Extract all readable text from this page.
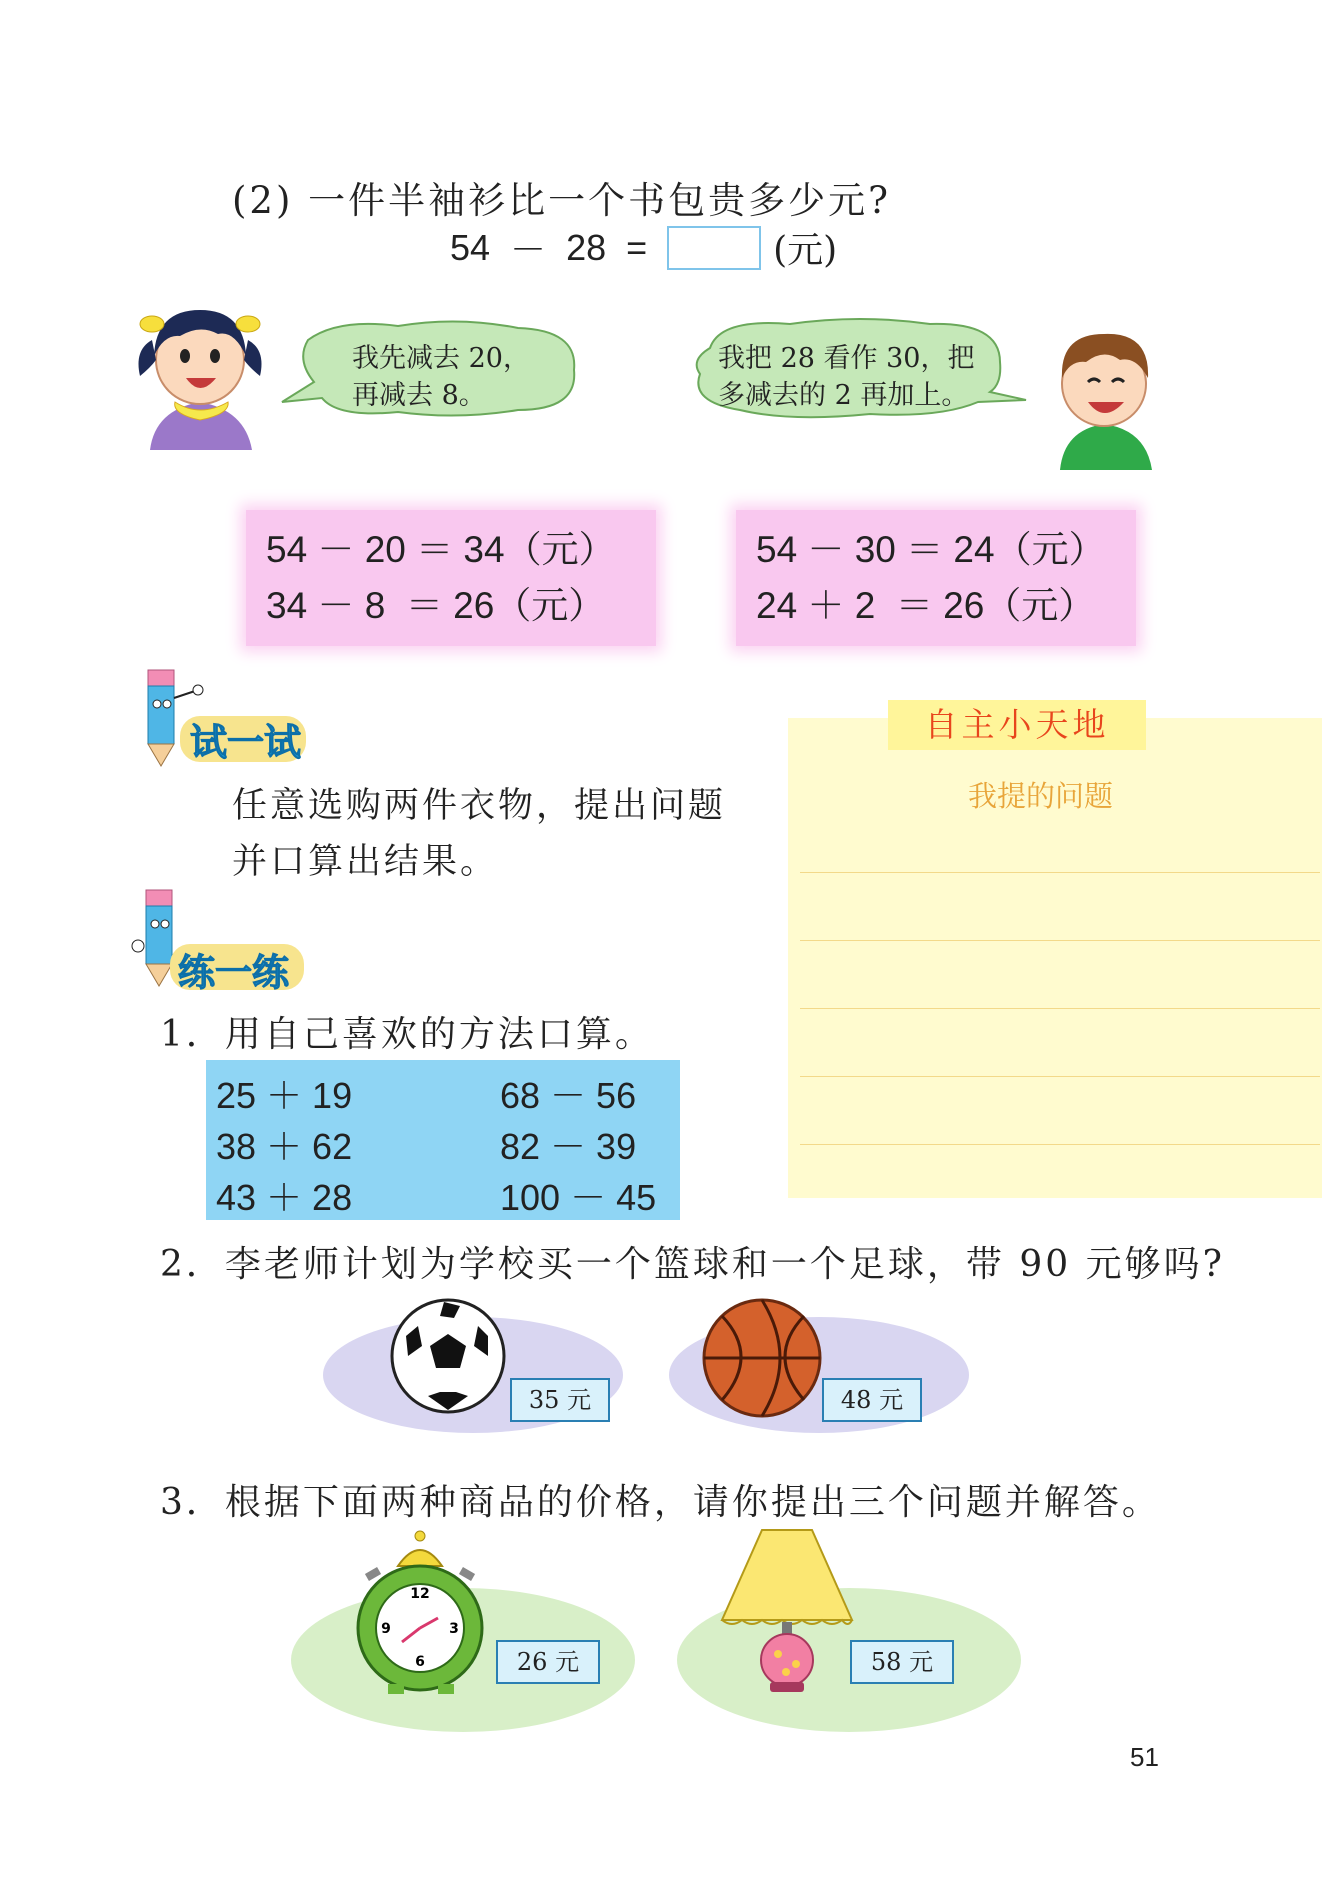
(2) 一件半袖衫比一个书包贵多少元?
54 － 28 =	(元)
我先减去 20，
再减去 8。
我把 28 看作 30，把
多减去的 2 再加上。
54 － 20 ＝ 34（元）
34 － 8  ＝ 26（元）
54 － 30 ＝ 24（元）
24 ＋ 2  ＝ 26（元）
试一试
任意选购两件衣物，提出问题
并口算出结果。
自主小天地
我提的问题
练一练
1．用自己喜欢的方法口算。
25 ＋ 19	68 － 56
38 ＋ 62	82 － 39
43 ＋ 28	100 － 45
2．李老师计划为学校买一个篮球和一个足球，带 90 元够吗?
35 元	48 元
3．根据下面两种商品的价格，请你提出三个问题并解答。
12
3
6
9
26 元	58 元
51
